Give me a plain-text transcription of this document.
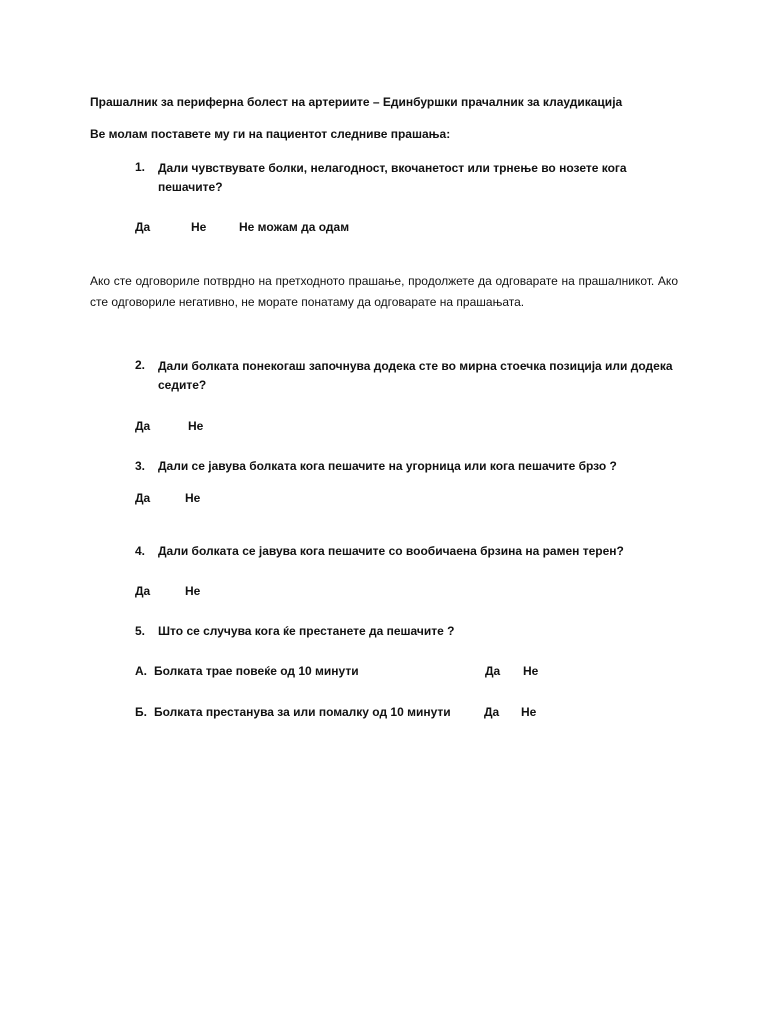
Прашалник за периферна болест на артериите – Единбуршки прачалник за клаудикација
Ве молам поставете му ги на пациентот следниве прашања:
1. Дали чувствувате болки, нелагодност, вкочанетост или трнење во нозете кога пешачите?
Да	Не	Не можам да одам
Ако сте одговориле потврдно на претходното прашање, продолжете да одговарате на прашалникот. Ако сте одговориле негативно, не морате понатаму да одговарате на прашањата.
2. Дали болката понекогаш започнува додека сте во мирна стоечка позиција или додека седите?
Да	Не
3. Дали се јавува болката кога пешачите на угорница или кога пешачите брзо ?
Да	Не
4. Дали болката се јавува кога пешачите со вообичаена брзина на рамен терен?
Да	Не
5. Што се случува кога ќе престанете да пешачите ?
А. Болката трае повеќе од 10 минути	Да Не
Б. Болката престанува за или помалку од 10 минути	Да Не
